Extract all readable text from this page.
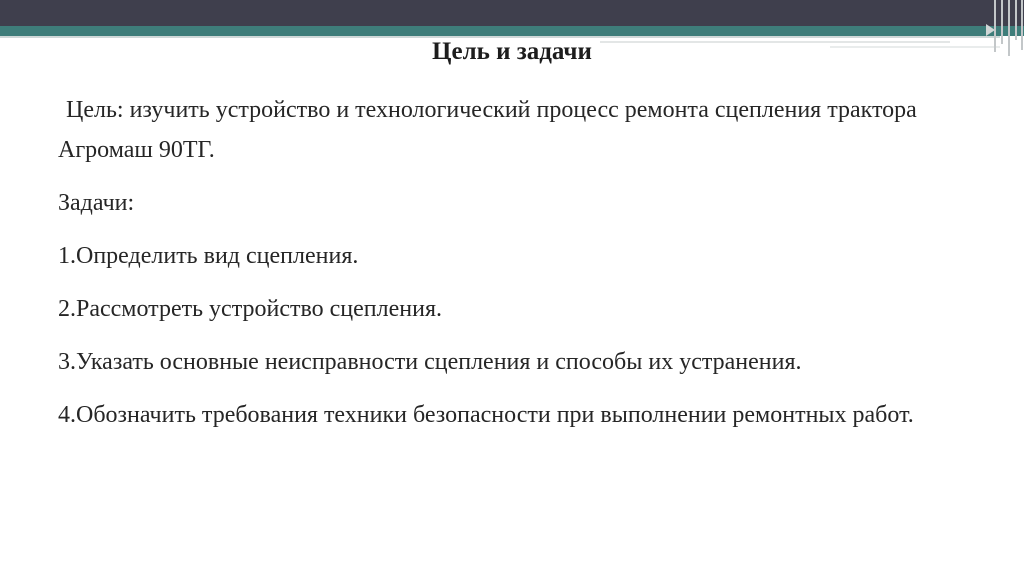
Цель и задачи

Цель: изучить устройство и технологический процесс ремонта сцепления трактора Агромаш 90ТГ.

Задачи:

1.Определить вид сцепления.

2.Рассмотреть устройство сцепления.

3.Указать основные неисправности сцепления и способы их устранения.

4.Обозначить требования техники безопасности при выполнении ремонтных работ.
